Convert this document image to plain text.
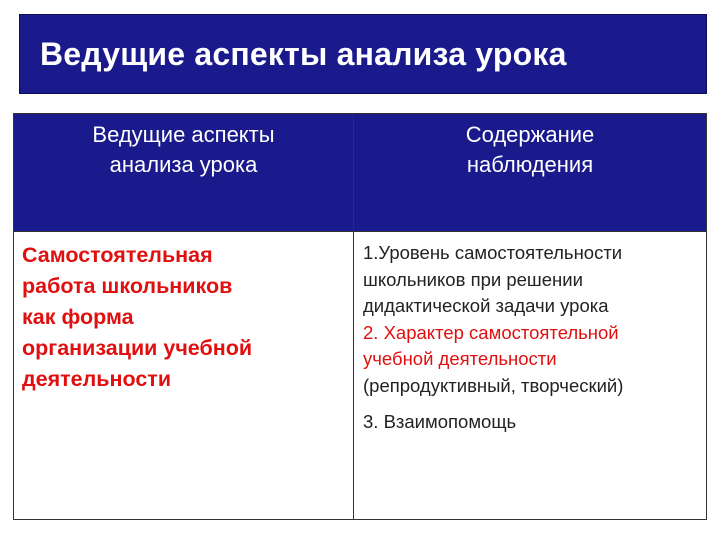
Ведущие аспекты анализа урока
Ведущие аспекты
анализа урока
Содержание
наблюдения
Самостоятельная
работа школьников
как форма
организации учебной
деятельности
1.Уровень самостоятельности
школьников при решении
дидактической задачи урока
2. Характер самостоятельной
учебной деятельности
(репродуктивный, творческий)
3. Взаимопомощь
